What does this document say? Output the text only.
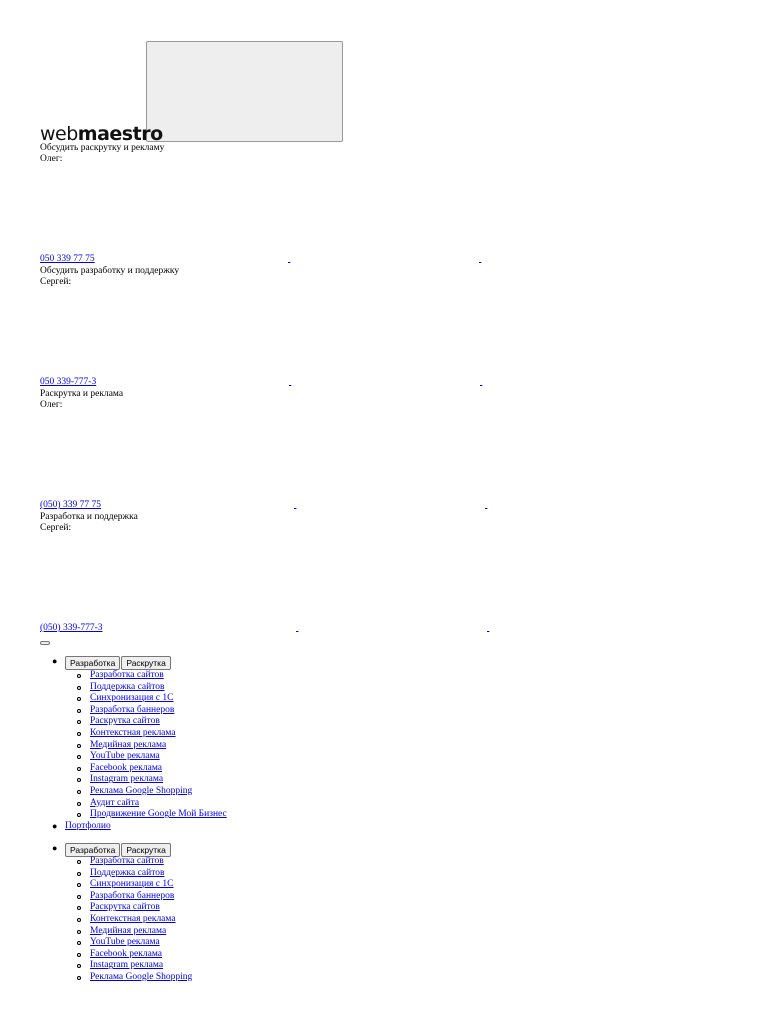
webmaestro
Обсудить раскрутку и рекламу
Олег:
050 339 77 75

Обсудить разработку и поддержку
Сергей:
050 339-777-3

Раскрутка и реклама
Олег:
(050) 339 77 75

Разработка и поддержка
Сергей:
(050) 339-777-3

●	Разработка Раскрутка
Разработка сайтов
Поддержка сайтов
Синхронизация с 1С
Разработка баннеров
Раскрутка сайтов
Контекстная реклама
Медийная реклама
YouTube реклама
Facebook реклама
Instagram реклама
Реклама Google Shopping
Аудит сайта
Продвижение Google Мой Бизнес
● Портфолио
●	Разработка Раскрутка
Разработка сайтов
Поддержка сайтов
Синхронизация с 1С
Разработка баннеров
Раскрутка сайтов
Контекстная реклама
Медийная реклама
YouTube реклама
Facebook реклама
Instagram реклама
Реклама Google Shopping
